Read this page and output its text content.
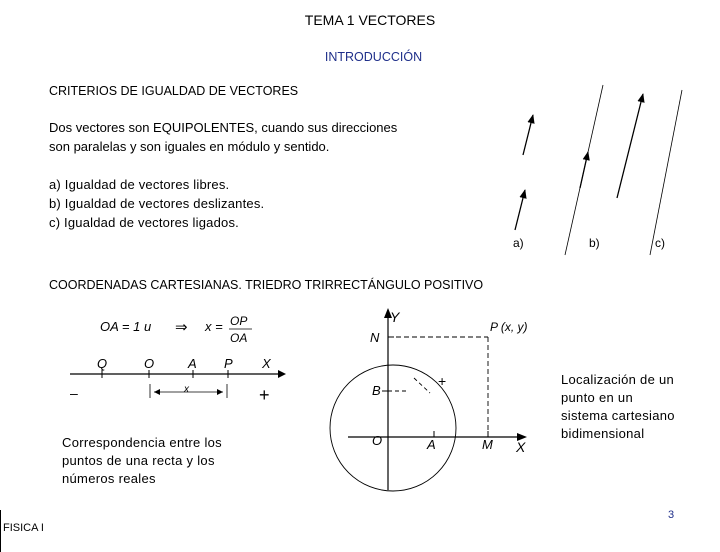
TEMA 1 VECTORES
INTRODUCCIÓN
CRITERIOS DE IGUALDAD DE VECTORES
Dos vectores son EQUIPOLENTES, cuando sus direcciones
son paralelas y son iguales en módulo y sentido.
a) Igualdad de vectores libres.
b) Igualdad de vectores deslizantes.
c) Igualdad de vectores ligados.
a)	b)	c)
COORDENADAS CARTESIANAS. TRIEDRO TRIRRECTÁNGULO POSITIVO
OA = 1 u ⇒ x = OP
OA
Q	O	A P X
–	+
x
Correspondencia entre los
puntos de una recta y los
números reales
Y
X
P (x, y)
N
B
O	A	M
+	Localización de un
punto en un
sistema cartesiano
bidimensional
FISICA I
3
